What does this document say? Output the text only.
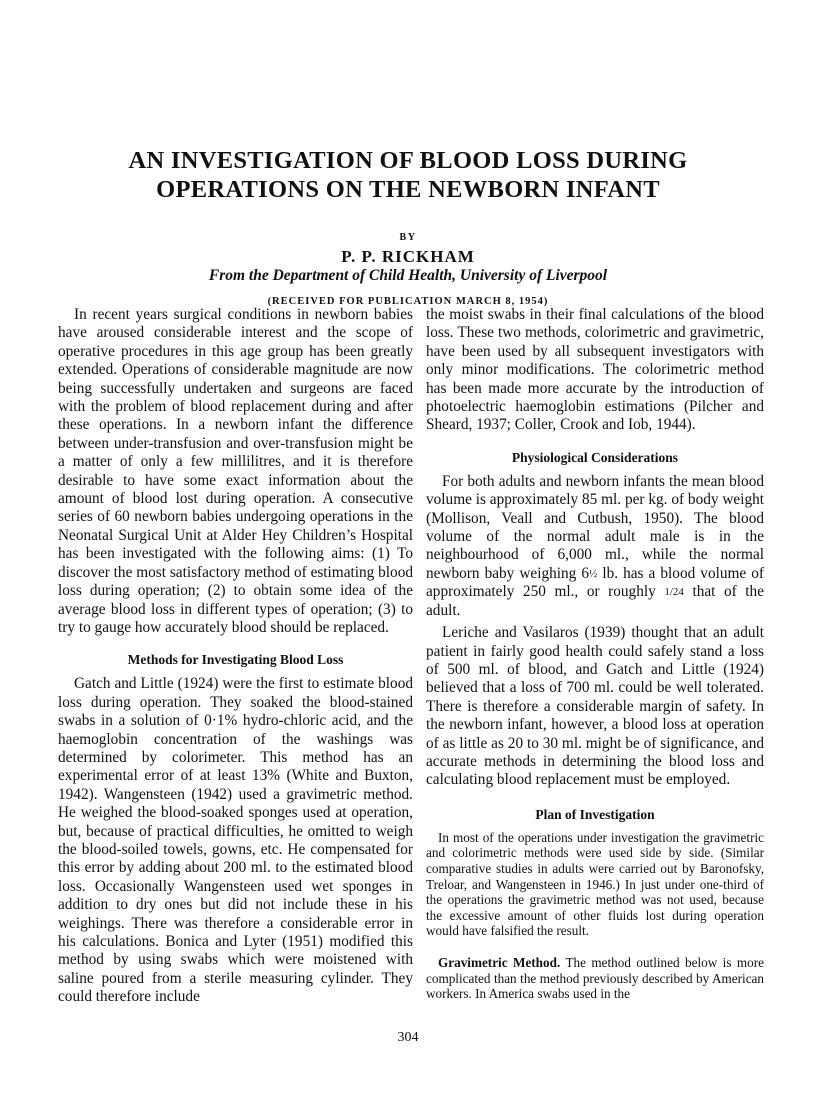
AN INVESTIGATION OF BLOOD LOSS DURING
OPERATIONS ON THE NEWBORN INFANT
BY
P. P. RICKHAM
From the Department of Child Health, University of Liverpool
(RECEIVED FOR PUBLICATION MARCH 8, 1954)

In recent years surgical conditions in newborn babies have aroused considerable interest and the scope of operative procedures in this age group has been greatly extended. Operations of considerable magnitude are now being successfully undertaken and surgeons are faced with the problem of blood replacement during and after these operations. In a newborn infant the difference between under-transfusion and over-transfusion might be a matter of only a few millilitres, and it is therefore desirable to have some exact information about the amount of blood lost during operation. A consecutive series of 60 newborn babies undergoing operations in the Neonatal Surgical Unit at Alder Hey Children’s Hospital has been investigated with the following aims: (1) To discover the most satisfactory method of estimating blood loss during operation; (2) to obtain some idea of the average blood loss in different types of operation; (3) to try to gauge how accurately blood should be replaced.

Methods for Investigating Blood Loss

Gatch and Little (1924) were the first to estimate blood loss during operation. They soaked the blood-stained swabs in a solution of 0·1% hydro-chloric acid, and the haemoglobin concentration of the washings was determined by colorimeter. This method has an experimental error of at least 13% (White and Buxton, 1942). Wangensteen (1942) used a gravimetric method. He weighed the blood-soaked sponges used at operation, but, because of practical difficulties, he omitted to weigh the blood-soiled towels, gowns, etc. He compensated for this error by adding about 200 ml. to the estimated blood loss. Occasionally Wangensteen used wet sponges in addition to dry ones but did not include these in his weighings. There was therefore a considerable error in his calculations. Bonica and Lyter (1951) modified this method by using swabs which were moistened with saline poured from a sterile measuring cylinder. They could therefore include

the moist swabs in their final calculations of the blood loss. These two methods, colorimetric and gravimetric, have been used by all subsequent investigators with only minor modifications. The colorimetric method has been made more accurate by the introduction of photoelectric haemoglobin estimations (Pilcher and Sheard, 1937; Coller, Crook and Iob, 1944).

Physiological Considerations

For both adults and newborn infants the mean blood volume is approximately 85 ml. per kg. of body weight (Mollison, Veall and Cutbush, 1950). The blood volume of the normal adult male is in the neighbourhood of 6,000 ml., while the normal newborn baby weighing 6½ lb. has a blood volume of approximately 250 ml., or roughly 1/24 that of the adult.

Leriche and Vasilaros (1939) thought that an adult patient in fairly good health could safely stand a loss of 500 ml. of blood, and Gatch and Little (1924) believed that a loss of 700 ml. could be well tolerated. There is therefore a considerable margin of safety. In the newborn infant, however, a blood loss at operation of as little as 20 to 30 ml. might be of significance, and accurate methods in determining the blood loss and calculating blood replacement must be employed.

Plan of Investigation

In most of the operations under investigation the gravimetric and colorimetric methods were used side by side. (Similar comparative studies in adults were carried out by Baronofsky, Treloar, and Wangensteen in 1946.) In just under one-third of the operations the gravimetric method was not used, because the excessive amount of other fluids lost during operation would have falsified the result.

Gravimetric Method. The method outlined below is more complicated than the method previously described by American workers. In America swabs used in the

304
